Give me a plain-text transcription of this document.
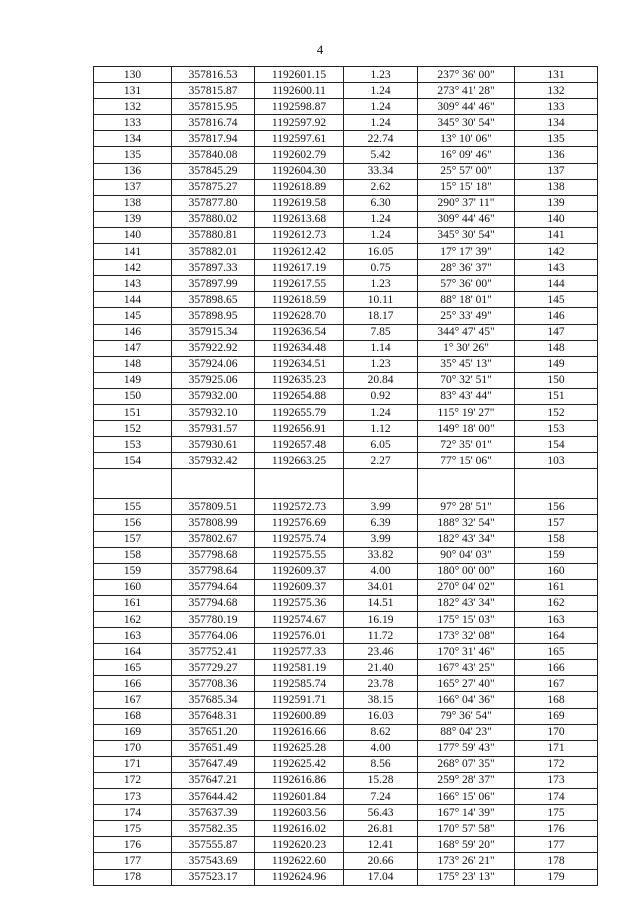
4
130	357816.53	1192601.15	1.23	237° 36' 00"	131
131	357815.87	1192600.11	1.24	273° 41' 28"	132
132	357815.95	1192598.87	1.24	309° 44' 46"	133
133	357816.74	1192597.92	1.24	345° 30' 54"	134
134	357817.94	1192597.61	22.74	13° 10' 06"	135
135	357840.08	1192602.79	5.42	16° 09' 46"	136
136	357845.29	1192604.30	33.34	25° 57' 00"	137
137	357875.27	1192618.89	2.62	15° 15' 18"	138
138	357877.80	1192619.58	6.30	290° 37' 11"	139
139	357880.02	1192613.68	1.24	309° 44' 46"	140
140	357880.81	1192612.73	1.24	345° 30' 54"	141
141	357882.01	1192612.42	16.05	17° 17' 39"	142
142	357897.33	1192617.19	0.75	28° 36' 37"	143
143	357897.99	1192617.55	1.23	57° 36' 00"	144
144	357898.65	1192618.59	10.11	88° 18' 01"	145
145	357898.95	1192628.70	18.17	25° 33' 49"	146
146	357915.34	1192636.54	7.85	344° 47' 45"	147
147	357922.92	1192634.48	1.14	1° 30' 26"	148
148	357924.06	1192634.51	1.23	35° 45' 13"	149
149	357925.06	1192635.23	20.84	70° 32' 51"	150
150	357932.00	1192654.88	0.92	83° 43' 44"	151
151	357932.10	1192655.79	1.24	115° 19' 27"	152
152	357931.57	1192656.91	1.12	149° 18' 00"	153
153	357930.61	1192657.48	6.05	72° 35' 01"	154
154	357932.42	1192663.25	2.27	77° 15' 06"	103

155	357809.51	1192572.73	3.99	97° 28' 51"	156
156	357808.99	1192576.69	6.39	188° 32' 54"	157
157	357802.67	1192575.74	3.99	182° 43' 34"	158
158	357798.68	1192575.55	33.82	90° 04' 03"	159
159	357798.64	1192609.37	4.00	180° 00' 00"	160
160	357794.64	1192609.37	34.01	270° 04' 02"	161
161	357794.68	1192575.36	14.51	182° 43' 34"	162
162	357780.19	1192574.67	16.19	175° 15' 03"	163
163	357764.06	1192576.01	11.72	173° 32' 08"	164
164	357752.41	1192577.33	23.46	170° 31' 46"	165
165	357729.27	1192581.19	21.40	167° 43' 25"	166
166	357708.36	1192585.74	23.78	165° 27' 40"	167
167	357685.34	1192591.71	38.15	166° 04' 36"	168
168	357648.31	1192600.89	16.03	79° 36' 54"	169
169	357651.20	1192616.66	8.62	88° 04' 23"	170
170	357651.49	1192625.28	4.00	177° 59' 43"	171
171	357647.49	1192625.42	8.56	268° 07' 35"	172
172	357647.21	1192616.86	15.28	259° 28' 37"	173
173	357644.42	1192601.84	7.24	166° 15' 06"	174
174	357637.39	1192603.56	56.43	167° 14' 39"	175
175	357582.35	1192616.02	26.81	170° 57' 58"	176
176	357555.87	1192620.23	12.41	168° 59' 20"	177
177	357543.69	1192622.60	20.66	173° 26' 21"	178
178	357523.17	1192624.96	17.04	175° 23' 13"	179
